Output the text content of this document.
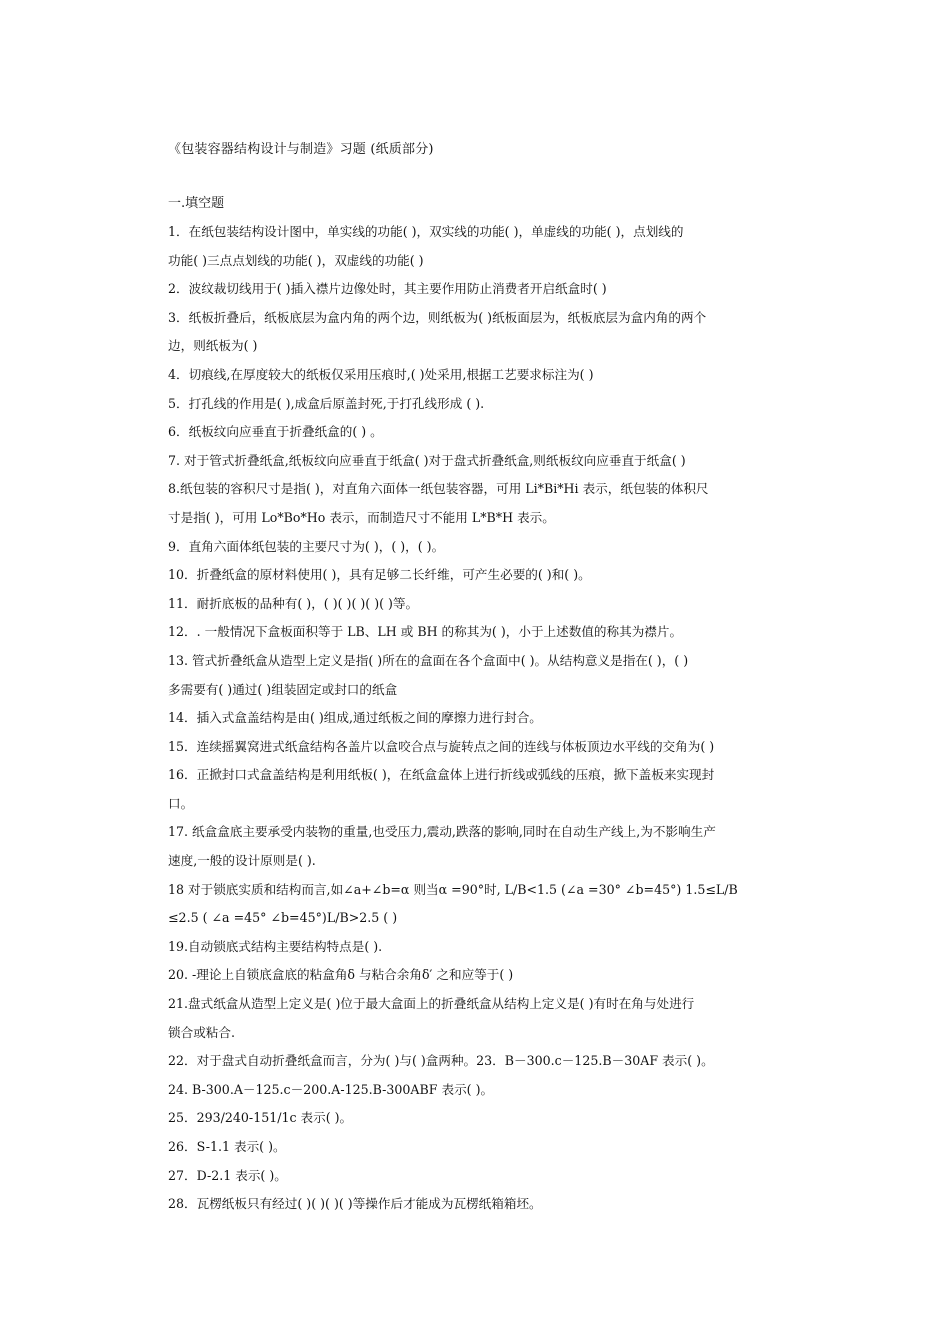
《包装容器结构设计与制造》习题 (纸质部分)
一.填空题
1．在纸包装结构设计图中，单实线的功能( )，双实线的功能( )，单虚线的功能( )，点划线的
功能( )三点点划线的功能( )，双虚线的功能( )
2．波纹裁切线用于( )插入襟片边像处时，其主要作用防止消费者开启纸盒时( )
3．纸板折叠后，纸板底层为盒内角的两个边，则纸板为( )纸板面层为，纸板底层为盒内角的两个
边，则纸板为( )
4．切痕线,在厚度较大的纸板仅采用压痕时,( )处采用,根据工艺要求标注为( )
5．打孔线的作用是( ),成盒后原盖封死,于打孔线形成 ( ).
6．纸板纹向应垂直于折叠纸盒的( ) 。
7. 对于管式折叠纸盒,纸板纹向应垂直于纸盒( )对于盘式折叠纸盒,则纸板纹向应垂直于纸盒( )
8.纸包装的容积尺寸是指( )，对直角六面体一纸包装容器，可用 Li*Bi*Hi 表示，纸包装的体积尺
寸是指( )，可用 Lo*Bo*Ho 表示，而制造尺寸不能用 L*B*H 表示。
9．直角六面体纸包装的主要尺寸为( )，( )，( )。
10．折叠纸盒的原材料使用( )，具有足够二长纤维，可产生必要的( )和( )。
11．耐折底板的品种有( )，( )( )( )( )( )等。
12．. 一般情况下盒板面积等于 LB、LH 或 BH 的称其为( )，小于上述数值的称其为襟片。
13. 管式折叠纸盒从造型上定义是指( )所在的盒面在各个盒面中( )。从结构意义是指在( )，( )
多需要有( )通过( )组装固定或封口的纸盒
14．插入式盒盖结构是由( )组成,通过纸板之间的摩擦力进行封合。
15．连续摇翼窝进式纸盒结构各盖片以盒咬合点与旋转点之间的连线与体板顶边水平线的交角为( )
16．正掀封口式盒盖结构是利用纸板( )，在纸盒盒体上进行折线或弧线的压痕，掀下盖板来实现封
口。
17. 纸盒盒底主要承受内装物的重量,也受压力,震动,跌落的影响,同时在自动生产线上,为不影响生产
速度,一般的设计原则是( ).
18 对于锁底实质和结构而言,如∠a+∠b=α 则当α =90°时, L/B<1.5 (∠a =30° ∠b=45°) 1.5≤L/B
≤2.5 ( ∠a =45° ∠b=45°)L/B>2.5 ( )
19.自动锁底式结构主要结构特点是( ).
20. -理论上自锁底盒底的粘盒角δ 与粘合余角δ′ 之和应等于( )
21.盘式纸盒从造型上定义是( )位于最大盒面上的折叠纸盒从结构上定义是( )有时在角与处进行
锁合或粘合.
22．对于盘式自动折叠纸盒而言，分为( )与( )盒两种。23．B－300.c－125.B－30AF 表示( )。
24. B-300.A－125.c－200.A-125.B-300ABF 表示( )。
25．293/240-151/1c 表示( )。
26．S-1.1 表示( )。
27．D-2.1 表示( )。
28．瓦楞纸板只有经过( )( )( )( )等操作后才能成为瓦楞纸箱箱坯。
